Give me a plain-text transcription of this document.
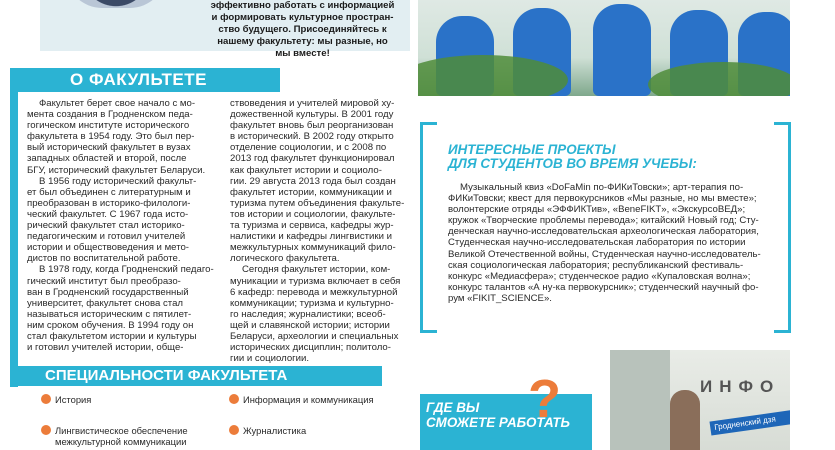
эффективно работать с информацией
и формировать культурное простран-
ство будущего. Присоединяйтесь к
нашему факультету: мы разные, но
мы вместе!
О ФАКУЛЬТЕТЕ
Факультет берет свое начало с мо-
мента создания в Гродненском педа-
гогическом институте исторического
факультета в 1954 году. Это был пер-
вый исторический факультет в вузах
западных областей и второй, после
БГУ, исторический факультет Беларуси.
В 1956 году исторический факульт-
ет был объединен с литературным и
преобразован в историко-филологи-
ческий факультет. С 1967 года исто-
рический факультет стал историко-
педагогическим и готовил учителей
истории и обществоведения и мето-
дистов по воспитательной работе.
В 1978 году, когда Гродненский педаго-
гический институт был преобразо-
ван в Гродненский государственный
университет, факультет снова стал
называться историческим с пятилет-
ним сроком обучения. В 1994 году он
стал факультетом истории и культуры
и готовил учителей истории, обще-
ствоведения и учителей мировой ху-
дожественной культуры. В 2001 году
факультет вновь был реорганизован
в исторический. В 2002 году открыто
отделение социологии, и с 2008 по
2013 год факультет функционировал
как факультет истории и социоло-
гии. 29 августа 2013 года был создан
факультет истории, коммуникации и
туризма путем объединения факульте-
тов истории и социологии, факульте-
та туризма и сервиса, кафедры жур-
налистики и кафедры лингвистики и
межкультурных коммуникаций фило-
логического факультета.
Сегодня факультет истории, ком-
муникации и туризма включает в себя
6 кафедр: перевода и межкультурной
коммуникации; туризма и культурно-
го наследия; журналистики; всеоб-
щей и славянской истории; истории
Беларуси, археологии и специальных
исторических дисциплин; политоло-
гии и социологии.
СПЕЦИАЛЬНОСТИ ФАКУЛЬТЕТА
История	Информация и коммуникация
Лингвистическое обеспечение
межкультурной коммуникации
Журналистика
ИНТЕРЕСНЫЕ ПРОЕКТЫ
ДЛЯ СТУДЕНТОВ ВО ВРЕМЯ УЧЕБЫ:
Музыкальный квиз «DoFaMin по-ФИКиТовски»; арт-терапия по-
ФИКиТовски; квест для первокурсников «Мы разные, но мы вместе»;
волонтерские отряды «ЭФФИКТив», «BeneFIKT», «ЭкскурсоВЕД»;
кружок «Творческие проблемы перевода»; китайский Новый год; Сту-
денческая научно-исследовательская археологическая лаборатория,
Студенческая научно-исследовательская лаборатория по истории
Великой Отечественной войны, Студенческая научно-исследователь-
ская социологическая лаборатория; республиканский фестиваль-
конкурс «Медиасфера»; студенческое радио «Купаловская волна»;
конкурс талантов «А ну-ка первокурсник»; студенческий научный фо-
рум «FIKIT_SCIENCE».
?
ГДЕ ВЫ
СМОЖЕТЕ РАБОТАТЬ
ИНФО
Гродненский дзя
